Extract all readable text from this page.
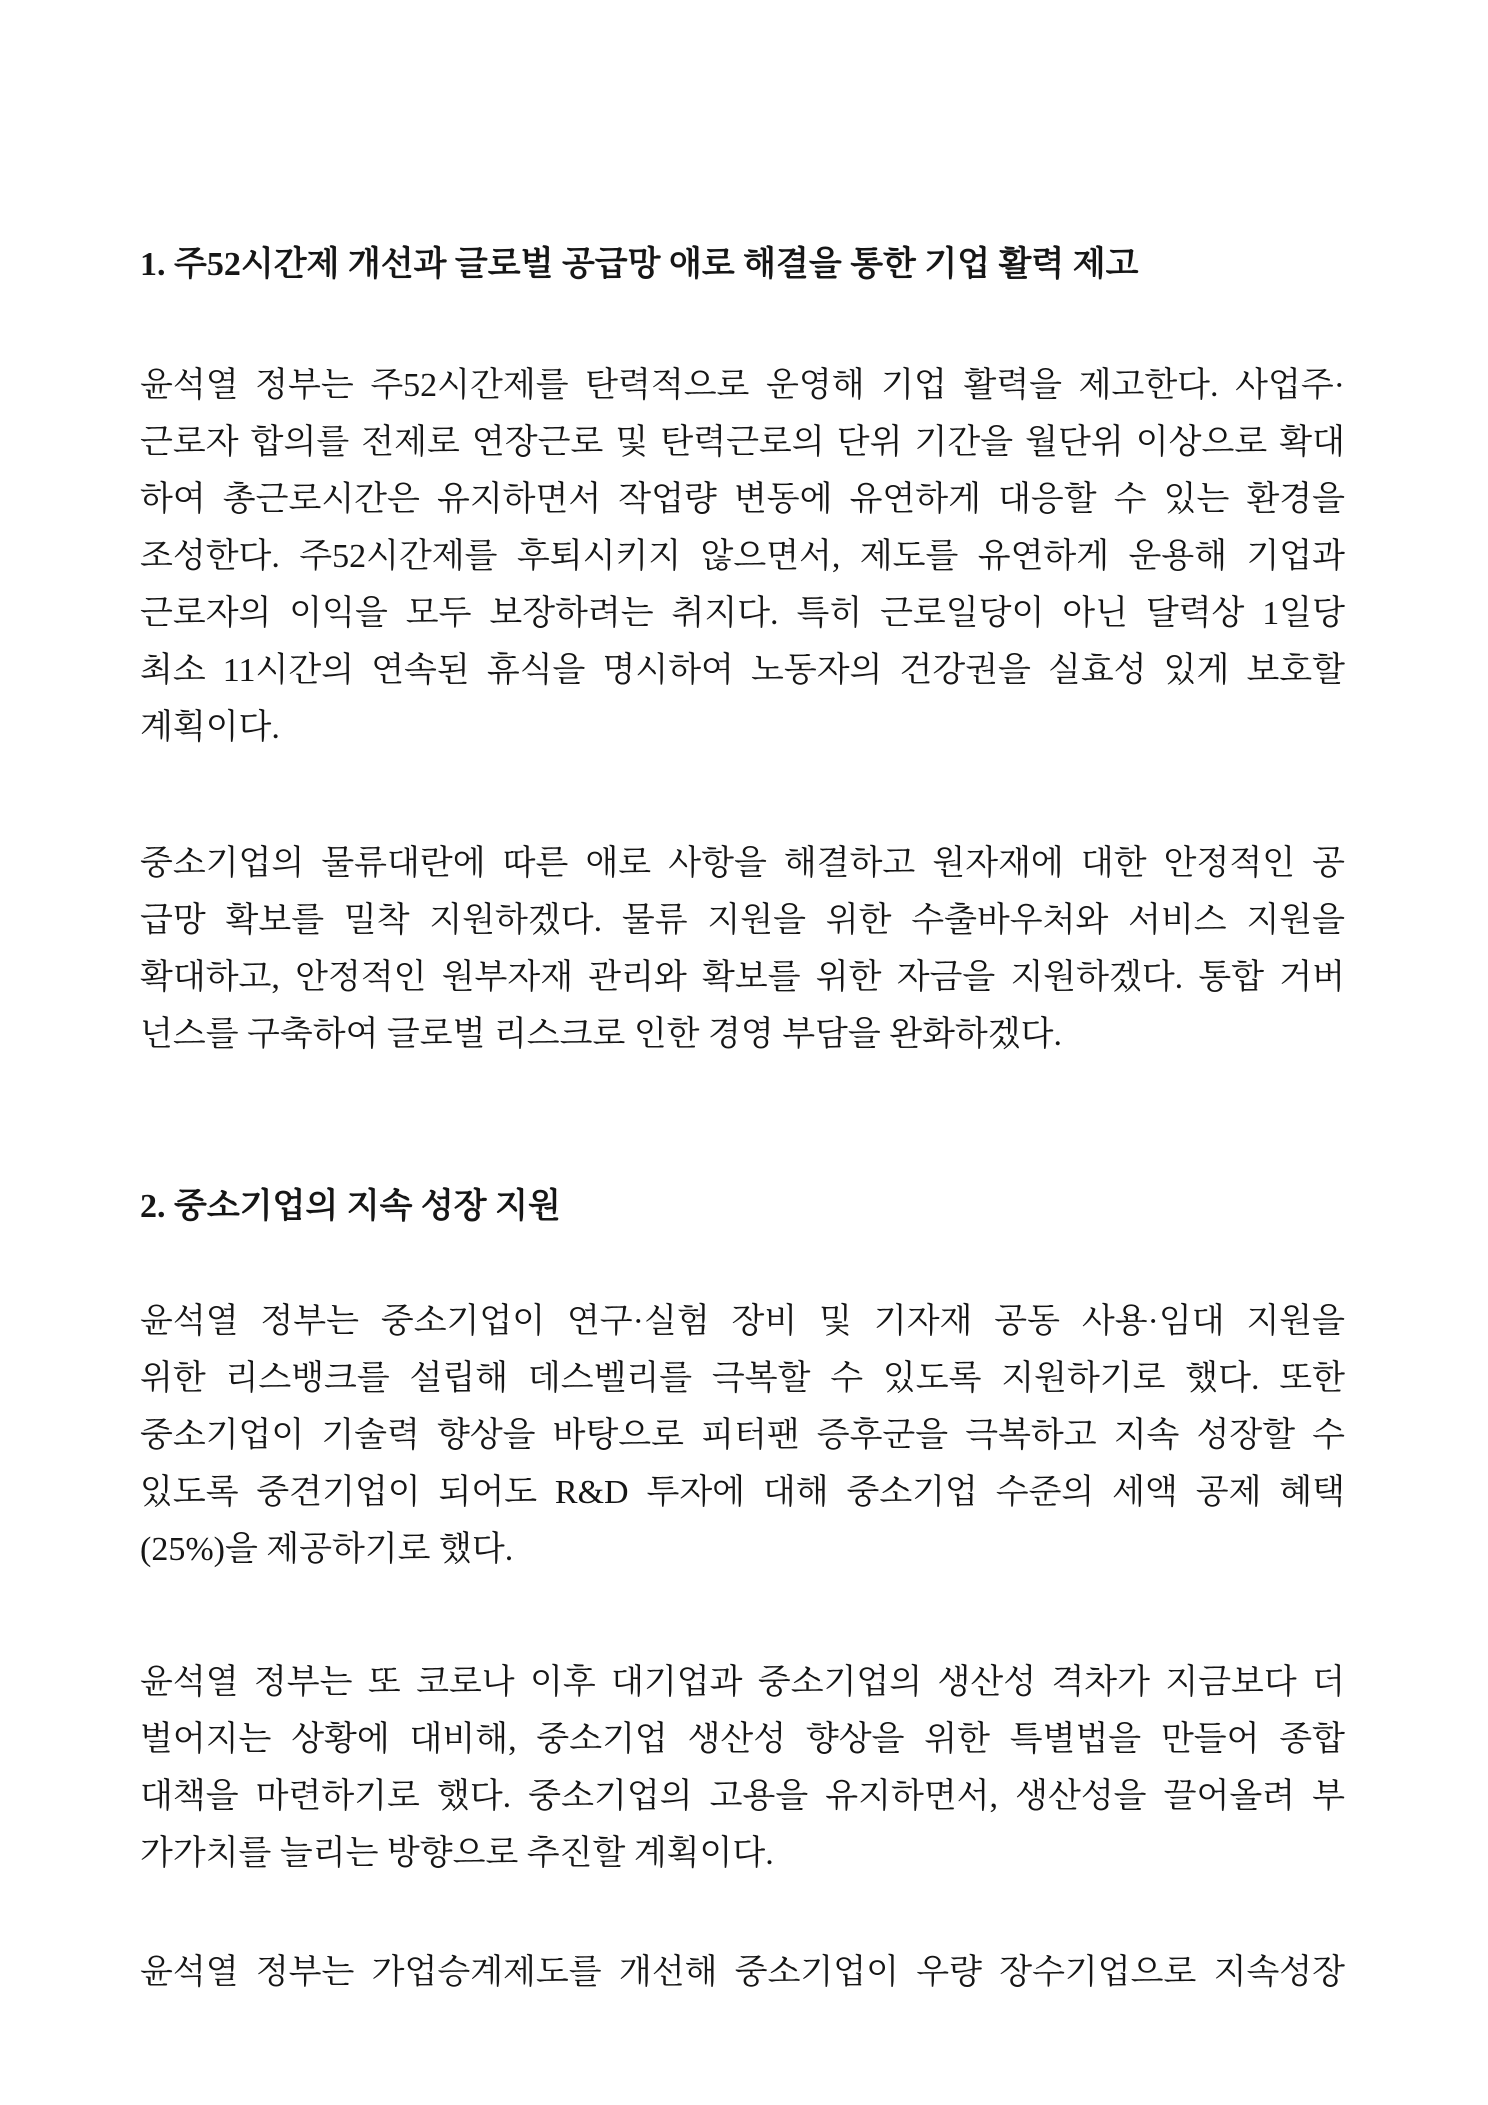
1. 주52시간제 개선과 글로벌 공급망 애로 해결을 통한 기업 활력 제고
윤석열 정부는 주52시간제를 탄력적으로 운영해 기업 활력을 제고한다. 사업주·
근로자 합의를 전제로 연장근로 및 탄력근로의 단위 기간을 월단위 이상으로 확대
하여 총근로시간은 유지하면서 작업량 변동에 유연하게 대응할 수 있는 환경을
조성한다. 주52시간제를 후퇴시키지 않으면서, 제도를 유연하게 운용해 기업과
근로자의 이익을 모두 보장하려는 취지다. 특히 근로일당이 아닌 달력상 1일당
최소 11시간의 연속된 휴식을 명시하여 노동자의 건강권을 실효성 있게 보호할
계획이다.
중소기업의 물류대란에 따른 애로 사항을 해결하고 원자재에 대한 안정적인 공
급망 확보를 밀착 지원하겠다. 물류 지원을 위한 수출바우처와 서비스 지원을
확대하고, 안정적인 원부자재 관리와 확보를 위한 자금을 지원하겠다. 통합 거버
넌스를 구축하여 글로벌 리스크로 인한 경영 부담을 완화하겠다.
2. 중소기업의 지속 성장 지원
윤석열 정부는 중소기업이 연구·실험 장비 및 기자재 공동 사용·임대 지원을
위한 리스뱅크를 설립해 데스벨리를 극복할 수 있도록 지원하기로 했다. 또한
중소기업이 기술력 향상을 바탕으로 피터팬 증후군을 극복하고 지속 성장할 수
있도록 중견기업이 되어도 R&D 투자에 대해 중소기업 수준의 세액 공제 혜택
(25%)을 제공하기로 했다.
윤석열 정부는 또 코로나 이후 대기업과 중소기업의 생산성 격차가 지금보다 더
벌어지는 상황에 대비해, 중소기업 생산성 향상을 위한 특별법을 만들어 종합
대책을 마련하기로 했다. 중소기업의 고용을 유지하면서, 생산성을 끌어올려 부
가가치를 늘리는 방향으로 추진할 계획이다.
윤석열 정부는 가업승계제도를 개선해 중소기업이 우량 장수기업으로 지속성장
